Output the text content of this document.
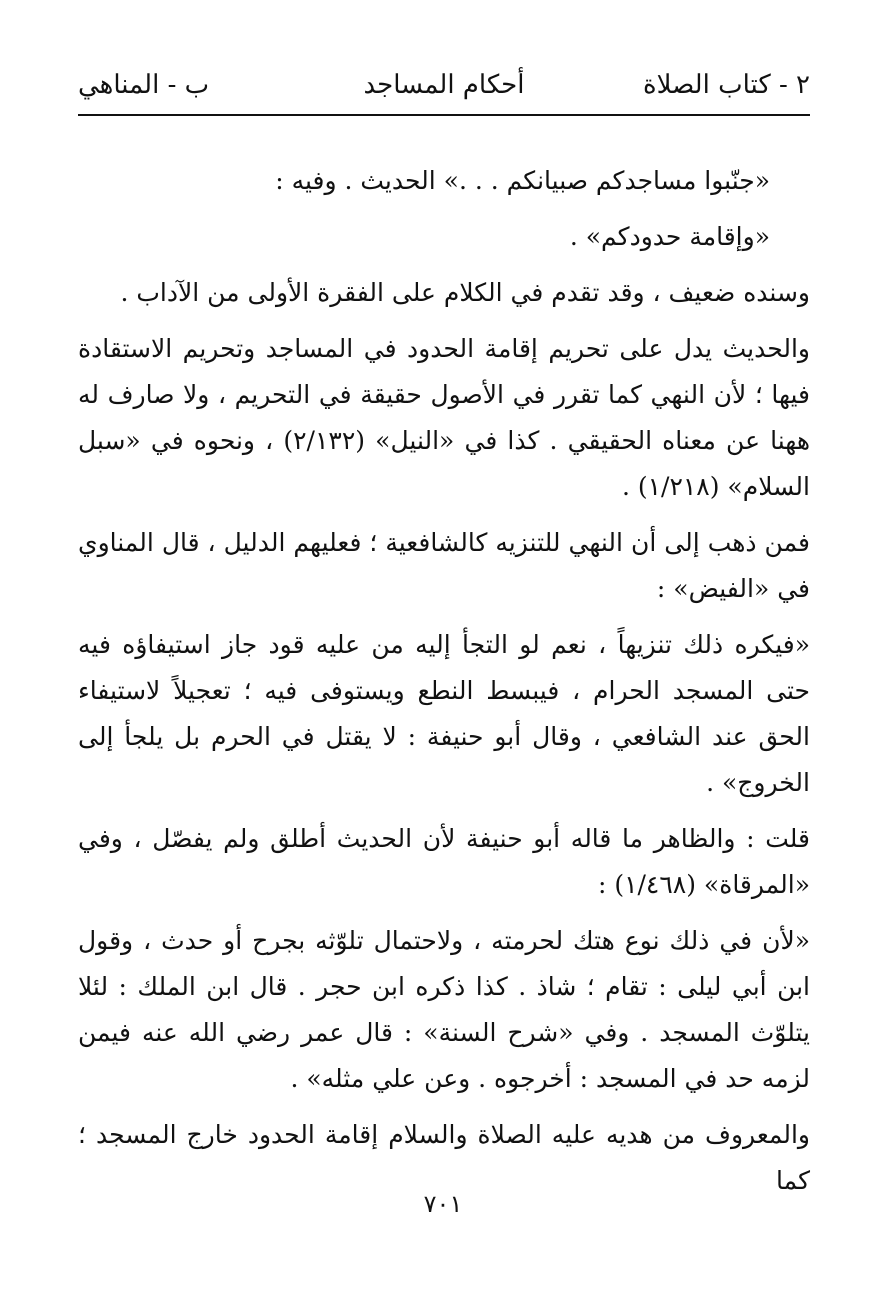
٢ - كتاب الصلاة
أحكام المساجد
ب - المناهي

«جنّبوا مساجدكم صبيانكم . . .» الحديث . وفيه :

«وإقامة حدودكم» .

وسنده ضعيف ، وقد تقدم في الكلام على الفقرة الأولى من الآداب .

والحديث يدل على تحريم إقامة الحدود في المساجد وتحريم الاستقادة فيها ؛ لأن النهي كما تقرر في الأصول حقيقة في التحريم ، ولا صارف له ههنا عن معناه الحقيقي . كذا في «النيل» (٢/١٣٢) ، ونحوه في «سبل السلام» (١/٢١٨) .

فمن ذهب إلى أن النهي للتنزيه كالشافعية ؛ فعليهم الدليل ، قال المناوي في «الفيض» :

«فيكره ذلك تنزيهاً ، نعم لو التجأ إليه من عليه قود جاز استيفاؤه فيه حتى المسجد الحرام ، فيبسط النطع ويستوفى فيه ؛ تعجيلاً لاستيفاء الحق عند الشافعي ، وقال أبو حنيفة : لا يقتل في الحرم بل يلجأ إلى الخروج» .

قلت : والظاهر ما قاله أبو حنيفة لأن الحديث أطلق ولم يفصّل ، وفي «المرقاة» (١/٤٦٨) :

«لأن في ذلك نوع هتك لحرمته ، ولاحتمال تلوّثه بجرح أو حدث ، وقول ابن أبي ليلى : تقام ؛ شاذ . كذا ذكره ابن حجر . قال ابن الملك : لئلا يتلوّث المسجد . وفي «شرح السنة» : قال عمر رضي الله عنه فيمن لزمه حد في المسجد : أخرجوه . وعن علي مثله» .

والمعروف من هديه عليه الصلاة والسلام إقامة الحدود خارج المسجد ؛ كما

٧٠١
